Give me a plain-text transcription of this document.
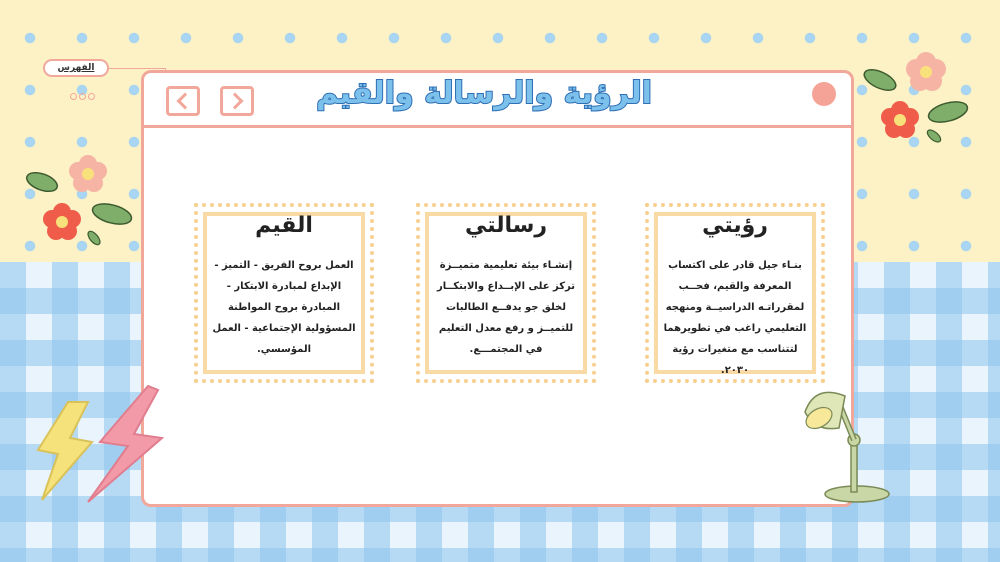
الفهرس
الرؤية والرسالة والقيم
رؤيتي
بنـاء جيل قادر على اكتساب المعرفة والقيم، فحــب لمقرراتـه الدراسيــة ومنهجه التعليمي راغب في تطويرهما لتتناسب مع متغيرات رؤية ٢٠٣٠.
رسالتي
إنشـاء بيئة تعليمية متميــزة تركز على الإبــداع والابتكــار لخلق جو يدفــع الطالبات للتميــز و رفع معدل التعليم في المجتمـــع.
القيم
العمل بروح الفريق - التميز - الإبداع لمبادرة الابتكار - المبادرة بروح المواطنة المسؤولية الإجتماعية - العمل المؤسسي.
